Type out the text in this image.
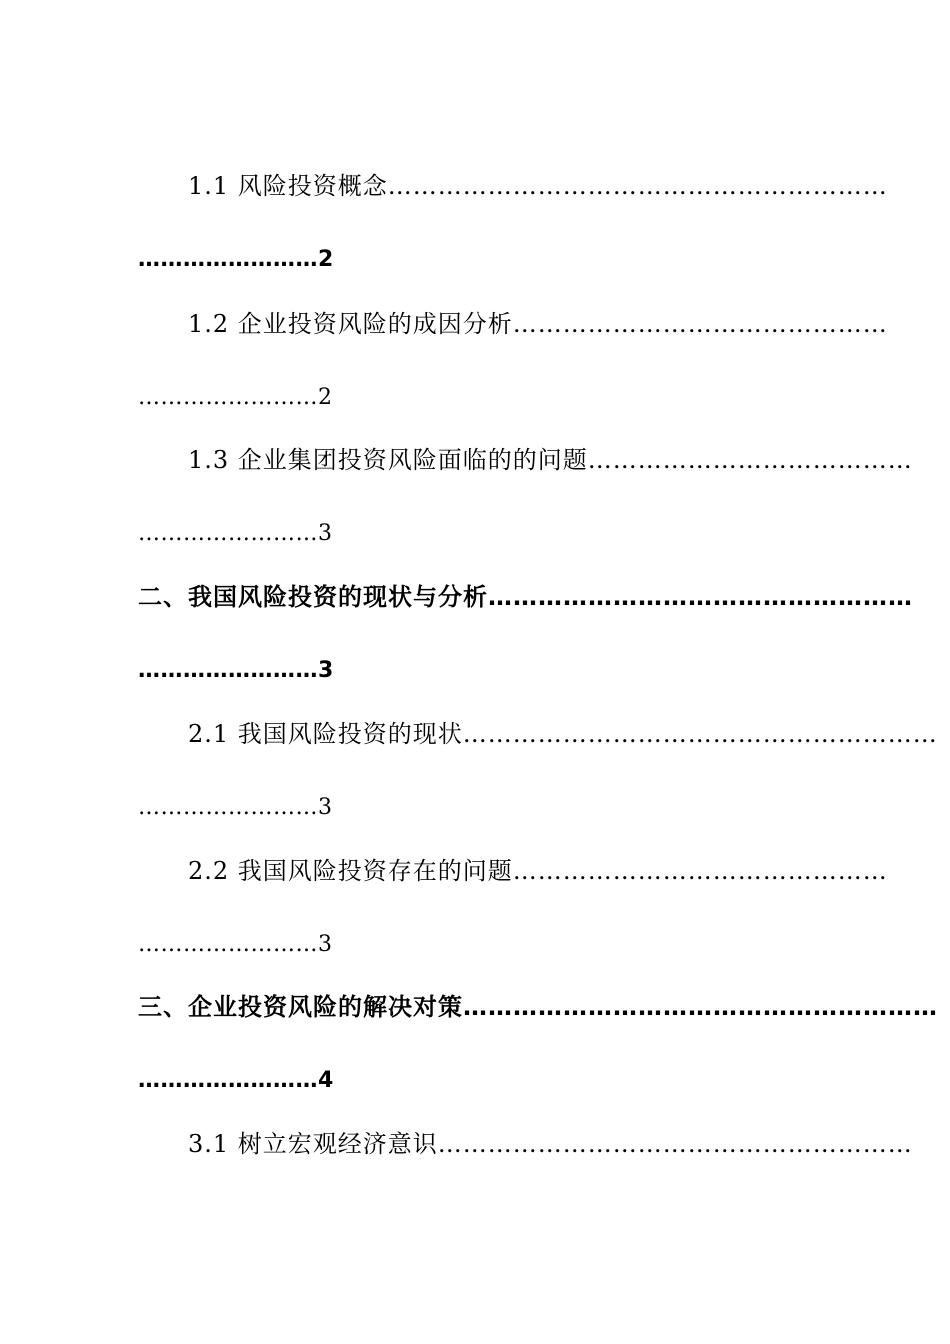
1.1 风险投资概念……………………………………………………
……………………2
1.2 企业投资风险的成因分析………………………………………
……………………2
1.3 企业集团投资风险面临的的问题…………………………………
……………………3
二、我国风险投资的现状与分析……………………………………………
……………………3
2.1 我国风险投资的现状…………………………………………………
……………………3
2.2 我国风险投资存在的问题………………………………………
……………………3
三、企业投资风险的解决对策…………………………………………………
……………………4
3.1 树立宏观经济意识…………………………………………………
